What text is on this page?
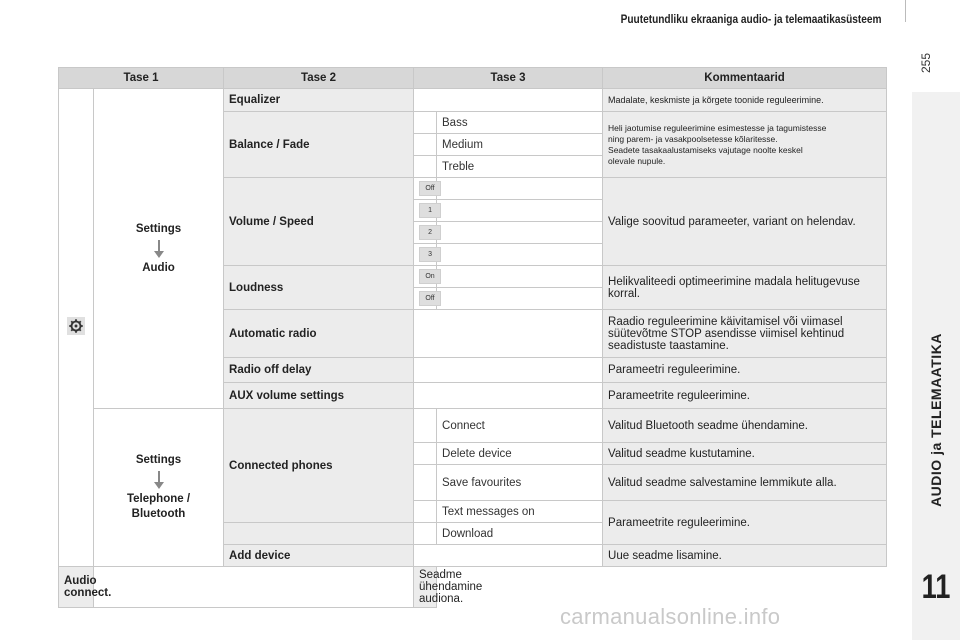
Puutetundliku ekraaniga audio- ja telemaatikasüsteem
255
AUDIO ja TELEMAATIKA
11
Tase 1		Tase 2	Tase 3		Kommentaarid

Settings
Audio	Equalizer			Madalate, keskmiste ja kõrgete toonide reguleerimine.
		Balance / Fade		Bass	Heli jaotumise reguleerimine esimestesse ja tagumistesse
ning parem- ja vasakpoolsetesse kõlaritesse.
Seadete tasakaalustamiseks vajutage noolte keskel
olevale nupule.

				Medium	
				Treble	
		Volume / Speed	Off		Valige soovitud parameeter, variant on helendav.
			1		
			2		
			3		
		Loudness	On		Helikvaliteedi optimeerimine madala helitugevuse korral.
			Off		
		Automatic radio			Raadio reguleerimine käivitamisel või viimasel süütevõtme STOP asendisse viimisel kehtinud seadistuste taastamine.
		Radio off delay			Parameetri reguleerimine.
		AUX volume settings			Parameetrite reguleerimine.

	Settings
Telephone /
Bluetooth	Connected phones		Connect	Valitud Bluetooth seadme ühendamine.
				Delete device	Valitud seadme kustutamine.
				Save favourites	Valitud seadme salvestamine lemmikute alla.
				Text messages on	Parameetrite reguleerimine.
				Download	
		Add device			Uue seadme lisamine.
Audio connect.			Seadme ühendamine audiona.		
carmanualsonline.info
